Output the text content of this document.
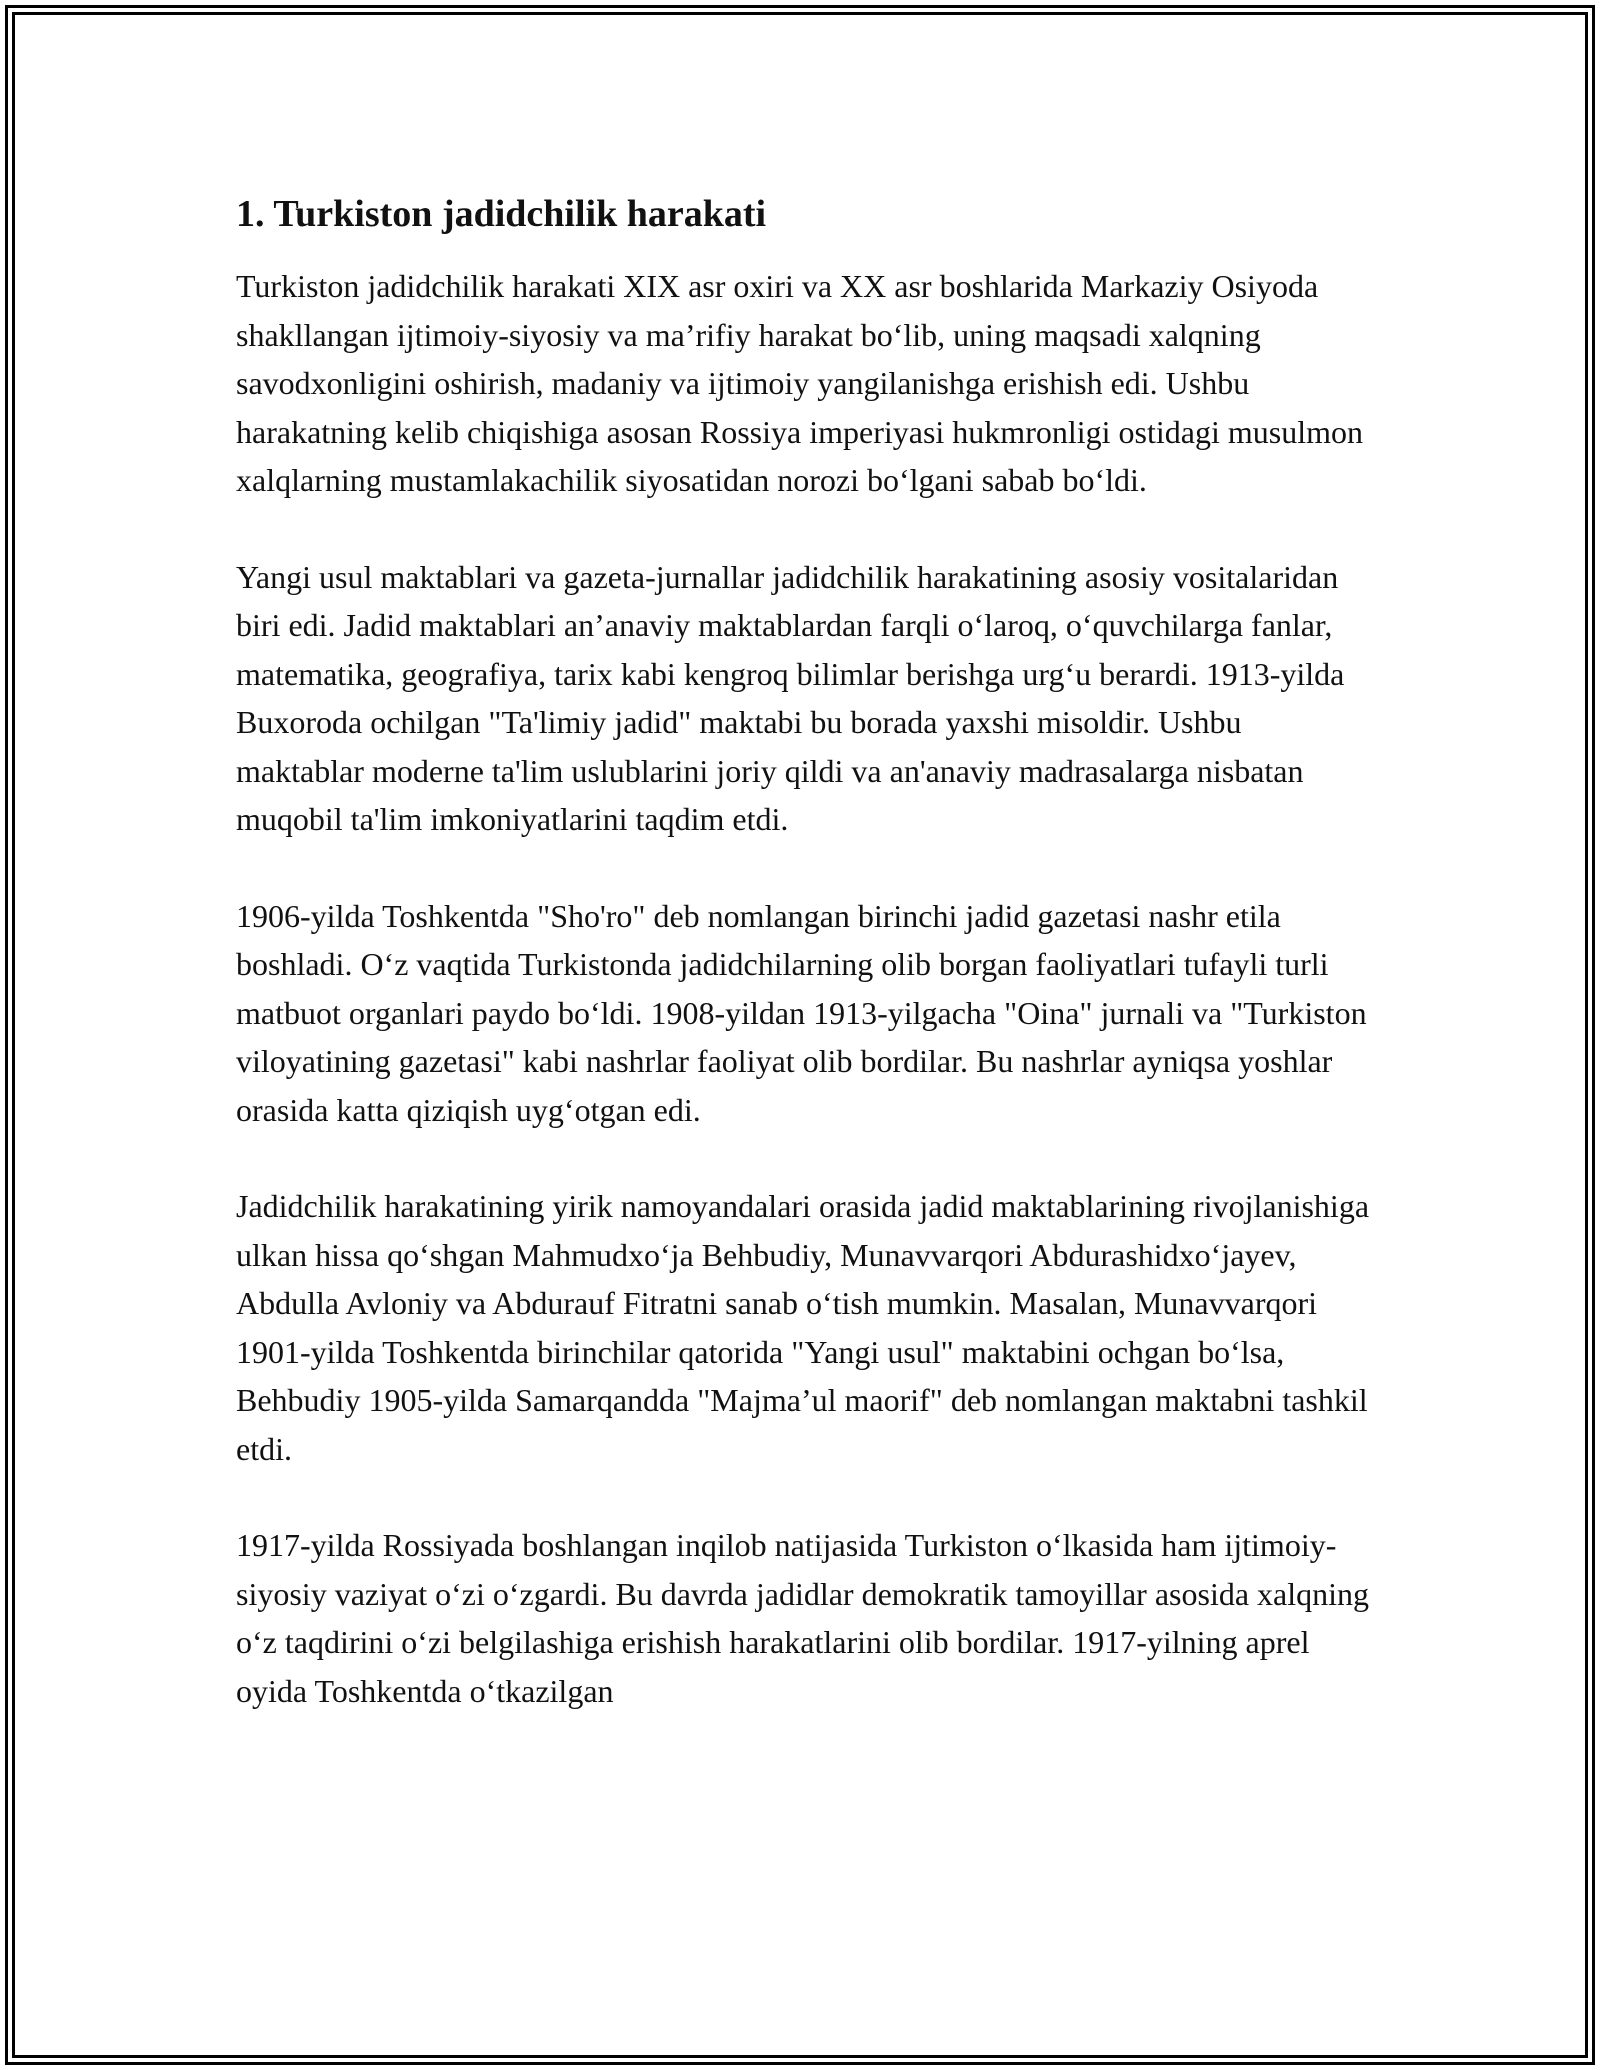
1. Turkiston jadidchilik harakati

Turkiston jadidchilik harakati XIX asr oxiri va XX asr boshlarida Markaziy Osiyoda shakllangan ijtimoiy-siyosiy va maʼrifiy harakat boʻlib, uning maqsadi xalqning savodxonligini oshirish, madaniy va ijtimoiy yangilanishga erishish edi. Ushbu harakatning kelib chiqishiga asosan Rossiya imperiyasi hukmronligi ostidagi musulmon xalqlarning mustamlakachilik siyosatidan norozi boʻlgani sabab boʻldi.

Yangi usul maktablari va gazeta-jurnallar jadidchilik harakatining asosiy vositalaridan biri edi. Jadid maktablari anʼanaviy maktablardan farqli oʻlaroq, oʻquvchilarga fanlar, matematika, geografiya, tarix kabi kengroq bilimlar berishga urgʻu berardi. 1913-yilda Buxoroda ochilgan "Ta'limiy jadid" maktabi bu borada yaxshi misoldir. Ushbu maktablar moderne ta'lim uslublarini joriy qildi va an'anaviy madrasalarga nisbatan muqobil ta'lim imkoniyatlarini taqdim etdi.

1906-yilda Toshkentda "Sho'ro" deb nomlangan birinchi jadid gazetasi nashr etila boshladi. Oʻz vaqtida Turkistonda jadidchilarning olib borgan faoliyatlari tufayli turli matbuot organlari paydo boʻldi. 1908-yildan 1913-yilgacha "Oina" jurnali va "Turkiston viloyatining gazetasi" kabi nashrlar faoliyat olib bordilar. Bu nashrlar ayniqsa yoshlar orasida katta qiziqish uygʻotgan edi.

Jadidchilik harakatining yirik namoyandalari orasida jadid maktablarining rivojlanishiga ulkan hissa qoʻshgan Mahmudxoʻja Behbudiy, Munavvarqori Abdurashidxoʻjayev, Abdulla Avloniy va Abdurauf Fitratni sanab oʻtish mumkin. Masalan, Munavvarqori 1901-yilda Toshkentda birinchilar qatorida "Yangi usul" maktabini ochgan boʻlsa, Behbudiy 1905-yilda Samarqandda "Majmaʼul maorif" deb nomlangan maktabni tashkil etdi.

1917-yilda Rossiyada boshlangan inqilob natijasida Turkiston oʻlkasida ham ijtimoiy-siyosiy vaziyat oʻzi oʻzgardi. Bu davrda jadidlar demokratik tamoyillar asosida xalqning oʻz taqdirini oʻzi belgilashiga erishish harakatlarini olib bordilar. 1917-yilning aprel oyida Toshkentda oʻtkazilgan
